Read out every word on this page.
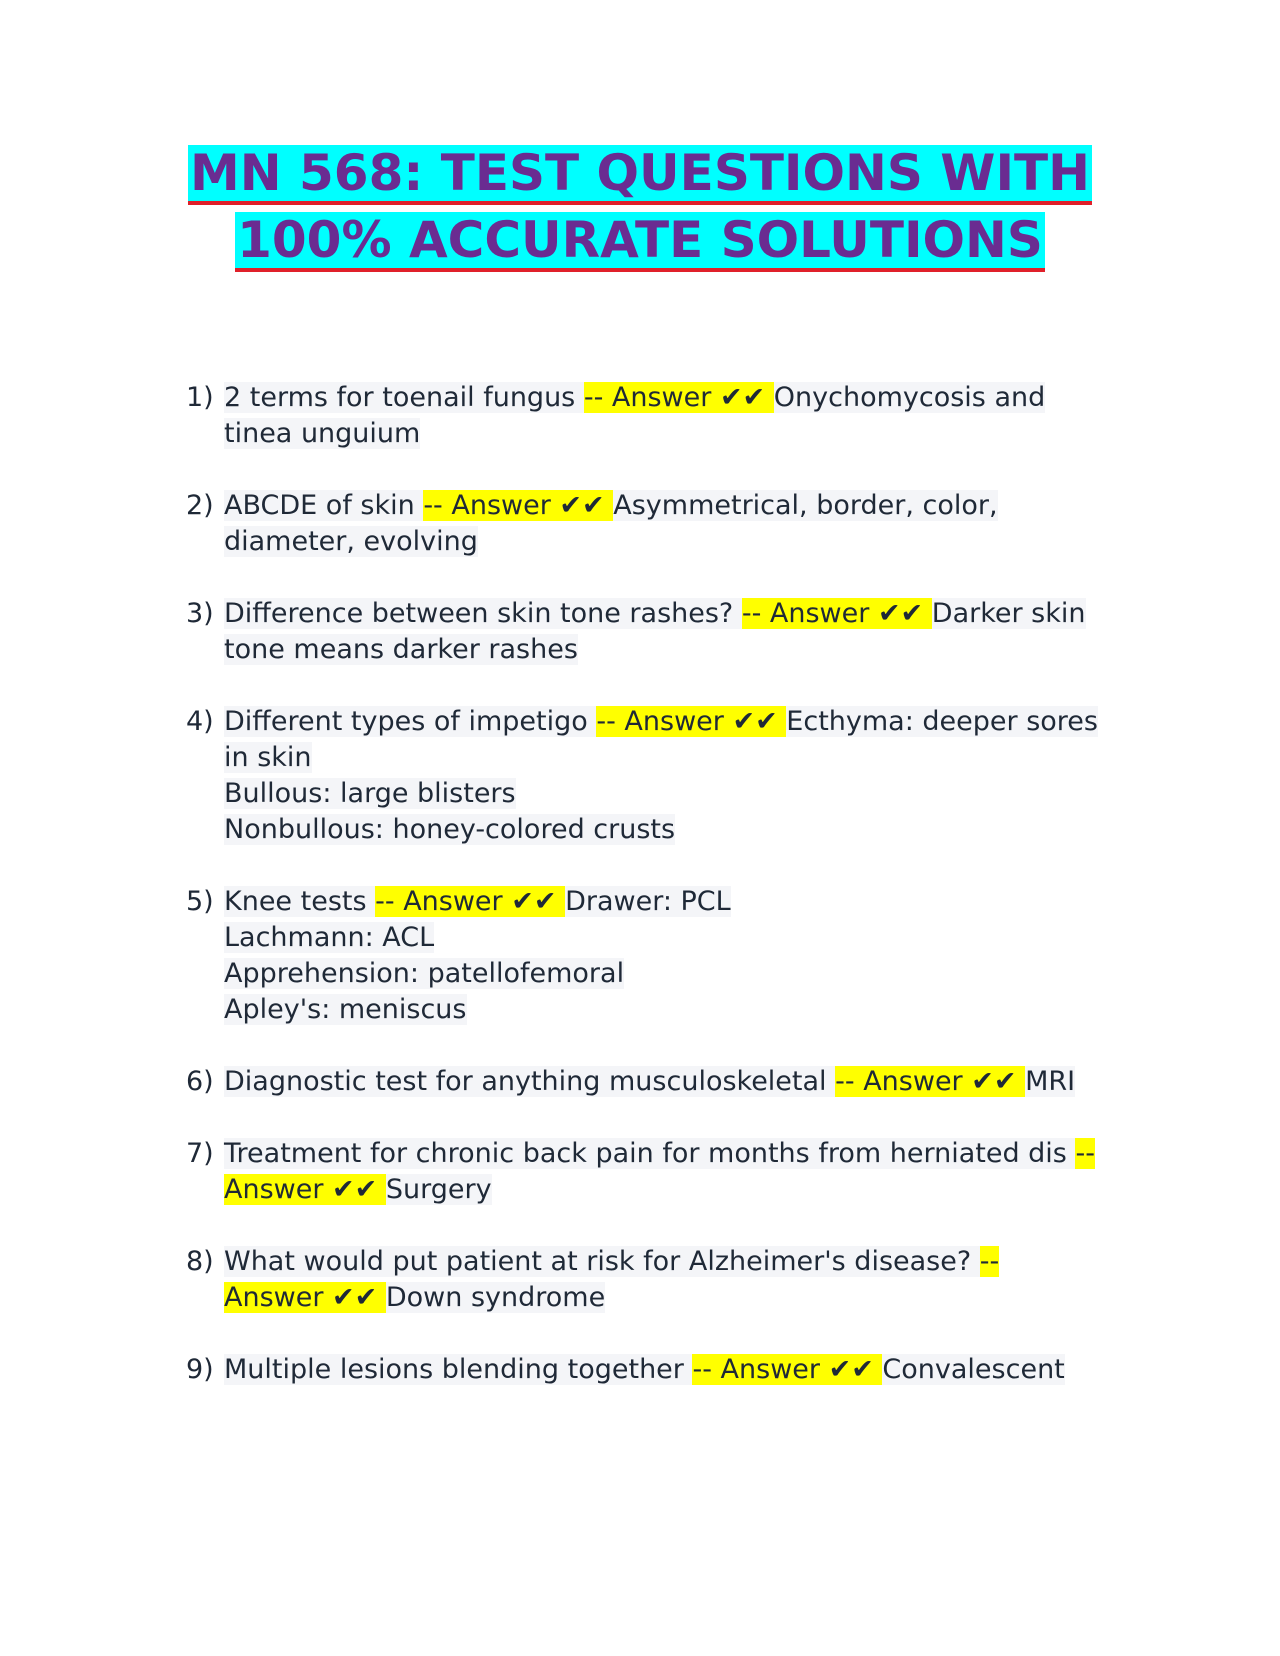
MN 568: TEST QUESTIONS WITH
100% ACCURATE SOLUTIONS
1) 2 terms for toenail fungus -- Answer ✔✔ Onychomycosis and tinea unguium
2) ABCDE of skin -- Answer ✔✔ Asymmetrical, border, color, diameter, evolving
3) Difference between skin tone rashes? -- Answer ✔✔ Darker skin tone means darker rashes
4) Different types of impetigo -- Answer ✔✔ Ecthyma: deeper sores in skin
Bullous: large blisters
Nonbullous: honey-colored crusts
5) Knee tests -- Answer ✔✔ Drawer: PCL
Lachmann: ACL
Apprehension: patellofemoral
Apley's: meniscus
6) Diagnostic test for anything musculoskeletal -- Answer ✔✔ MRI
7) Treatment for chronic back pain for months from herniated dis -- Answer ✔✔ Surgery
8) What would put patient at risk for Alzheimer's disease? -- Answer ✔✔ Down syndrome
9) Multiple lesions blending together -- Answer ✔✔ Convalescent
